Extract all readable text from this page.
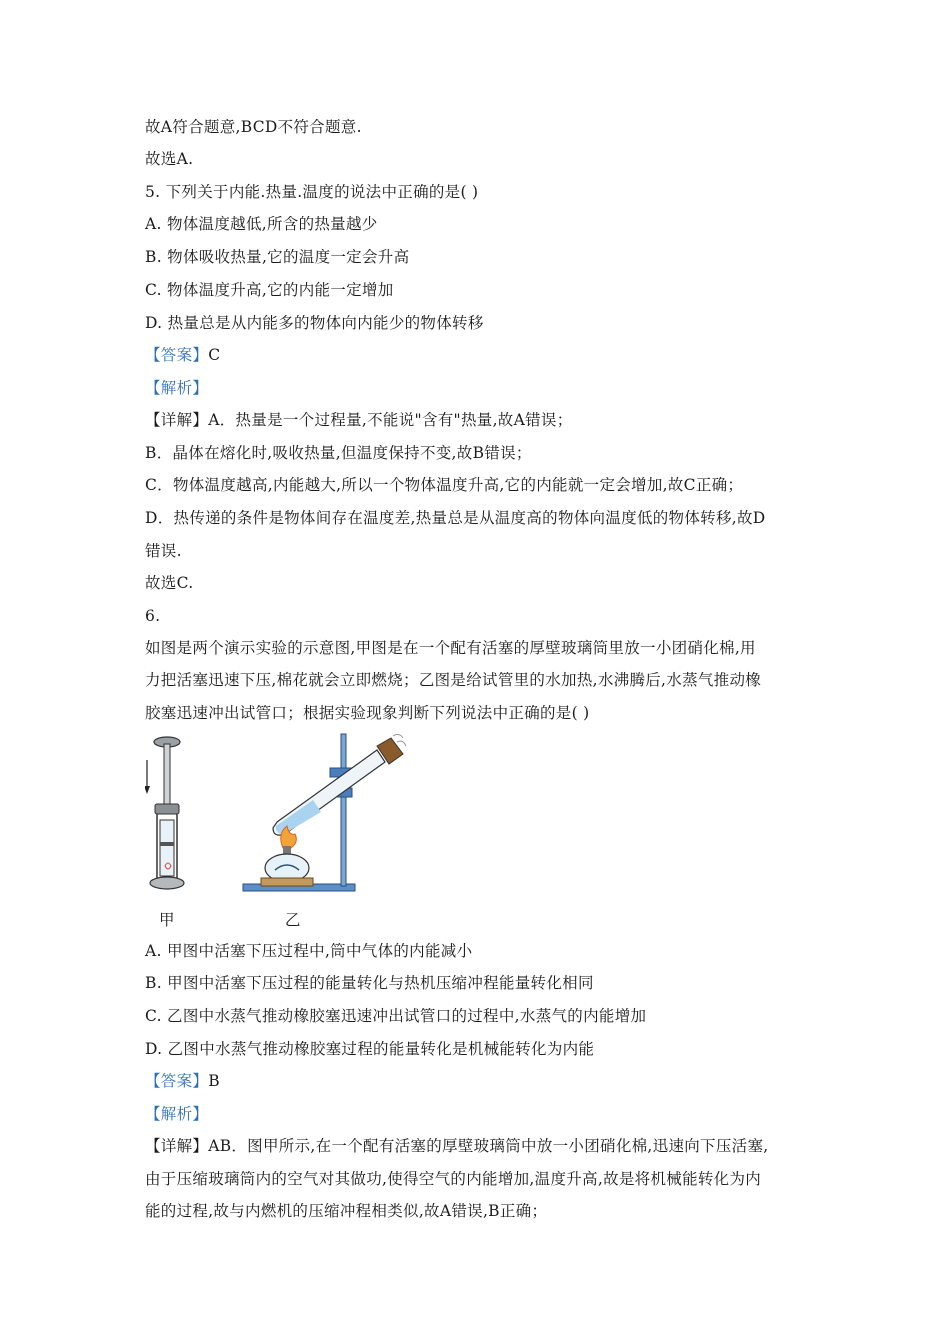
故A符合题意,BCD不符合题意.
故选A.
5. 下列关于内能.热量.温度的说法中正确的是( )
A. 物体温度越低,所含的热量越少
B. 物体吸收热量,它的温度一定会升高
C. 物体温度升高,它的内能一定增加
D. 热量总是从内能多的物体向内能少的物体转移
【答案】C
【解析】
【详解】A．热量是一个过程量,不能说"含有"热量,故A错误；
B．晶体在熔化时,吸收热量,但温度保持不变,故B错误；
C．物体温度越高,内能越大,所以一个物体温度升高,它的内能就一定会增加,故C正确；
D．热传递的条件是物体间存在温度差,热量总是从温度高的物体向温度低的物体转移,故D
错误.
故选C.
6.
如图是两个演示实验的示意图,甲图是在一个配有活塞的厚壁玻璃筒里放一小团硝化棉,用
力把活塞迅速下压,棉花就会立即燃烧；乙图是给试管里的水加热,水沸腾后,水蒸气推动橡
胶塞迅速冲出试管口；根据实验现象判断下列说法中正确的是( )
甲	乙
A. 甲图中活塞下压过程中,筒中气体的内能减小
B. 甲图中活塞下压过程的能量转化与热机压缩冲程能量转化相同
C. 乙图中水蒸气推动橡胶塞迅速冲出试管口的过程中,水蒸气的内能增加
D. 乙图中水蒸气推动橡胶塞过程的能量转化是机械能转化为内能
【答案】B
【解析】
【详解】AB．图甲所示,在一个配有活塞的厚壁玻璃筒中放一小团硝化棉,迅速向下压活塞,
由于压缩玻璃筒内的空气对其做功,使得空气的内能增加,温度升高,故是将机械能转化为内
能的过程,故与内燃机的压缩冲程相类似,故A错误,B正确；
